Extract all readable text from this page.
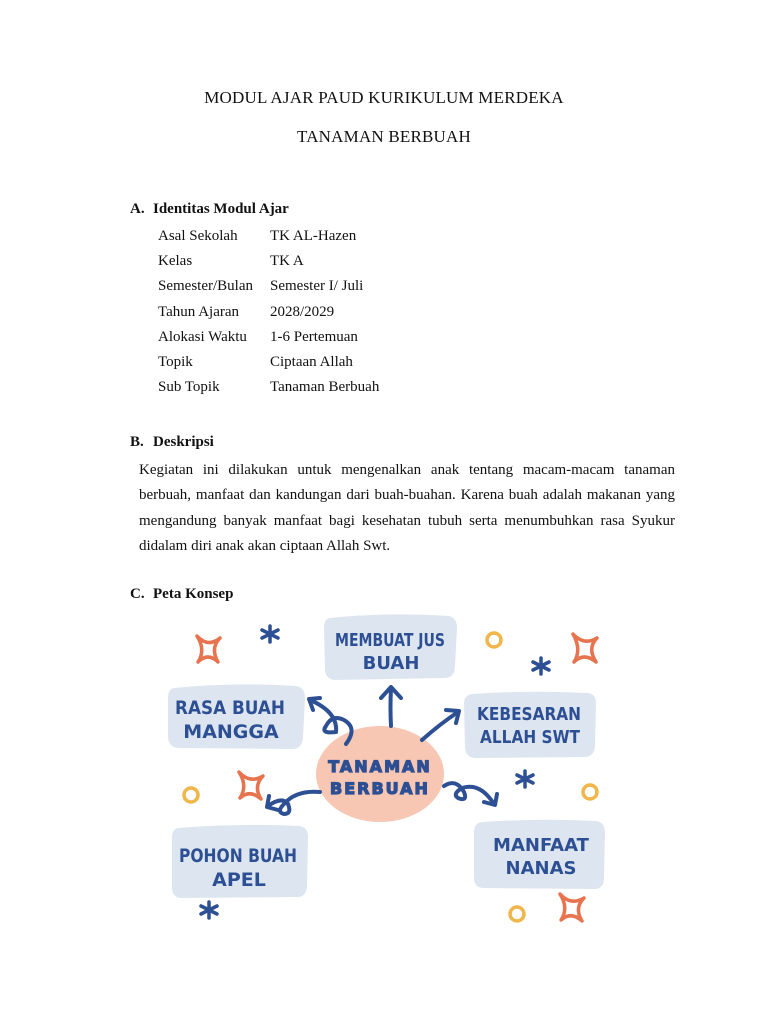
MODUL AJAR PAUD KURIKULUM MERDEKA
TANAMAN BERBUAH
A. Identitas Modul Ajar
Asal Sekolah	TK AL-Hazen
Kelas	TK A
Semester/Bulan	Semester I/ Juli
Tahun Ajaran	2028/2029
Alokasi Waktu	1-6 Pertemuan
Topik	Ciptaan Allah
Sub Topik	Tanaman Berbuah
B. Deskripsi
Kegiatan ini dilakukan untuk mengenalkan anak tentang macam-macam tanaman
berbuah, manfaat dan kandungan dari buah-buahan. Karena buah adalah makanan yang
mengandung banyak manfaat bagi kesehatan tubuh serta menumbuhkan rasa Syukur
didalam diri anak akan ciptaan Allah Swt.
C. Peta Konsep
MEMBUAT JUS
BUAH
RASA BUAH
MANGGA
KEBESARAN
ALLAH SWT
POHON BUAH
APEL
MANFAAT
NANAS
TANAMAN
BERBUAH
